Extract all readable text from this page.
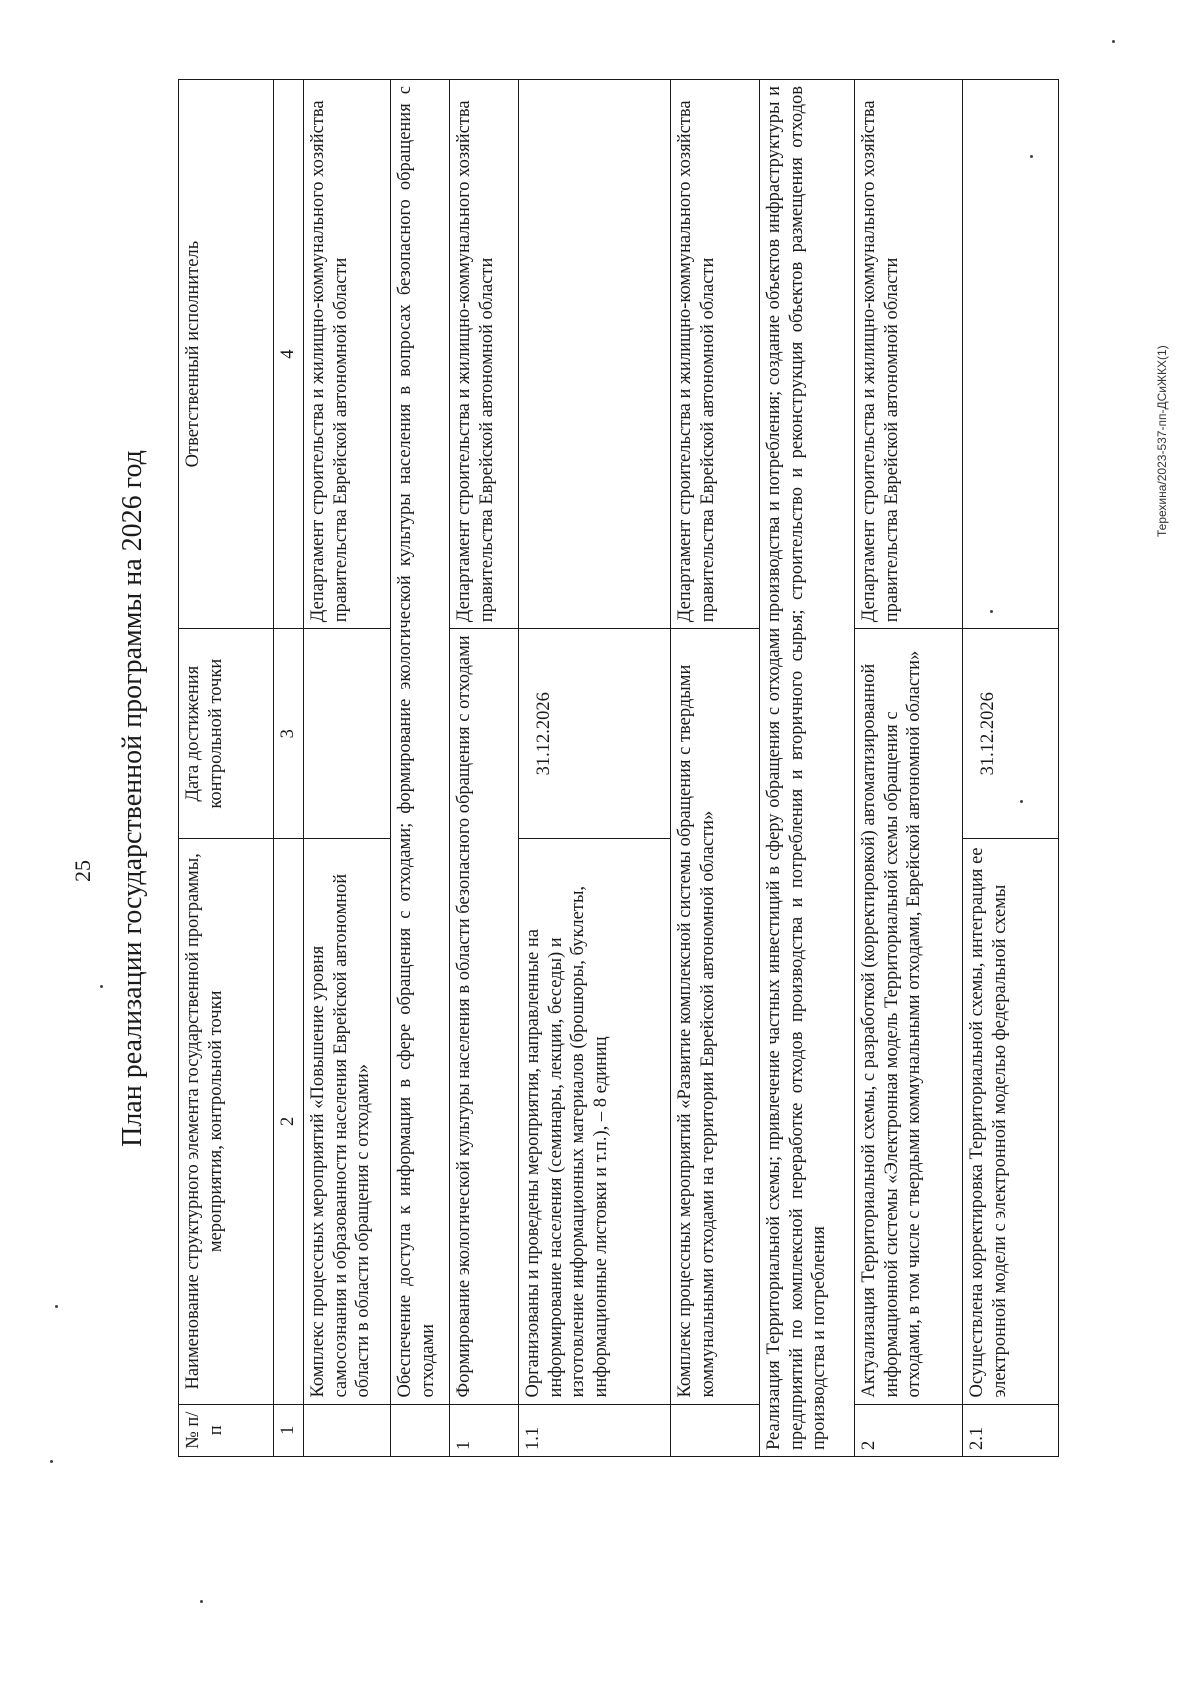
25 План реализации государственной программы на 2026 год
№ п/п	Наименование структурного элемента государственной программы, мероприятия, контрольной точки	Дата достижения контрольной точки	Ответственный исполнитель
1	2	3	4
	Комплекс процессных мероприятий «Повышение уровня самосознания и образованности населения Еврейской автономной области в области обращения с отходами»		Департамент строительства и жилищно-коммунального хозяйства правительства Еврейской автономной области
	Обеспечение доступа к информации в сфере обращения с отходами; формирование экологической культуры населения в вопросах безопасного обращения с отходами		
1	Формирование экологической культуры населения в области безопасного обращения с отходами		Департамент строительства и жилищно-коммунального хозяйства правительства Еврейской автономной области
1.1	Организованы и проведены мероприятия, направленные на информирование населения (семинары, лекции, беседы) и изготовление информационных материалов (брошюры, буклеты, информационные листовки и т.п.), – 8 единиц	31.12.2026	
	Комплекс процессных мероприятий «Развитие комплексной системы обращения с твердыми коммунальными отходами на территории Еврейской автономной области»		Департамент строительства и жилищно-коммунального хозяйства правительства Еврейской автономной области
Реализация Территориальной схемы; привлечение частных инвестиций в сферу обращения с отходами производства и потребления; создание объектов инфраструктуры и предприятий по комплексной переработке отходов производства и потребления и вторичного сырья; строительство и реконструкция объектов размещения отходов производства и потребления			
2	Актуализация Территориальной схемы, с разработкой (корректировкой) автоматизированной информационной системы «Электронная модель Территориальной схемы обращения с отходами, в том числе с твердыми коммунальными отходами, Еврейской автономной области»		Департамент строительства и жилищно-коммунального хозяйства правительства Еврейской автономной области
2.1	Осуществлена корректировка Территориальной схемы, интеграция ее электронной модели с электронной моделью федеральной схемы	31.12.2026	
Терехина/2023-537-пп-ДСиЖКХ(1)
